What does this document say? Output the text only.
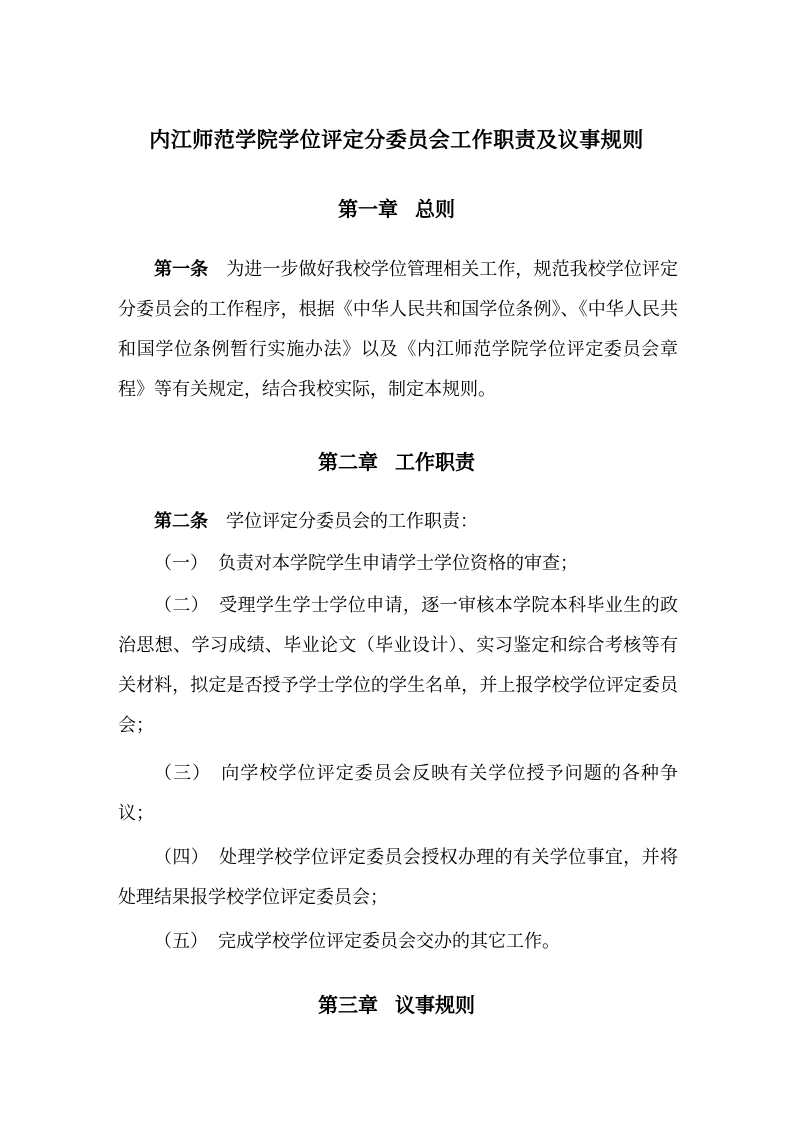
内江师范学院学位评定分委员会工作职责及议事规则
第一章 总则

第一条 为进一步做好我校学位管理相关工作，规范我校学位评定分委员会的工作程序，根据《中华人民共和国学位条例》、《中华人民共和国学位条例暂行实施办法》以及《内江师范学院学位评定委员会章程》等有关规定，结合我校实际，制定本规则。

第二章 工作职责

第二条 学位评定分委员会的工作职责：

（一） 负责对本学院学生申请学士学位资格的审查；

（二） 受理学生学士学位申请，逐一审核本学院本科毕业生的政治思想、学习成绩、毕业论文（毕业设计）、实习鉴定和综合考核等有关材料，拟定是否授予学士学位的学生名单，并上报学校学位评定委员会；

（三） 向学校学位评定委员会反映有关学位授予问题的各种争议；

（四） 处理学校学位评定委员会授权办理的有关学位事宜，并将处理结果报学校学位评定委员会；

（五） 完成学校学位评定委员会交办的其它工作。

第三章 议事规则
